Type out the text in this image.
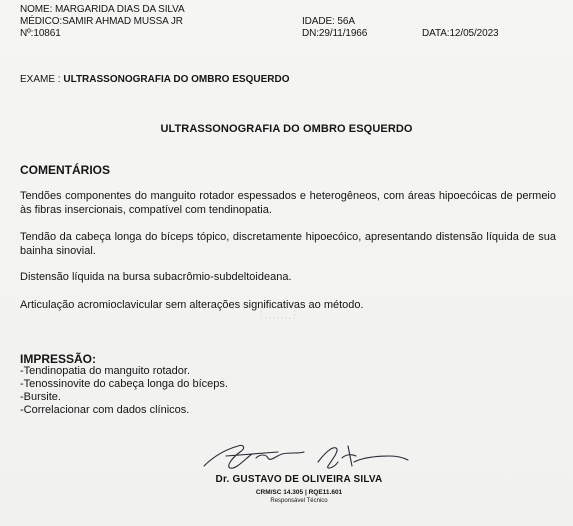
NOME: MARGARIDA DIAS DA SILVA
MÉDICO:SAMIR AHMAD MUSSA JR
Nº:10861
IDADE: 56A
DN:29/11/1966	DATA:12/05/2023
EXAME : ULTRASSONOGRAFIA DO OMBRO ESQUERDO
ULTRASSONOGRAFIA DO OMBRO ESQUERDO
COMENTÁRIOS
Tendões componentes do manguito rotador espessados e heterogêneos, com áreas hipoecóicas de permeio às fibras insercionais, compatível com tendinopatia.
Tendão da cabeça longa do bíceps tópico, discretamente hipoecóico, apresentando distensão líquida de sua bainha sinovial.
Distensão líquida na bursa subacrômio-subdeltoideana.
Articulação acromioclavicular sem alterações significativas ao método.
IMPRESSÃO:
-Tendinopatia do manguito rotador.
-Tenossinovite do cabeça longa do bíceps.
-Bursite.
-Correlacionar com dados clínicos.
Dr. GUSTAVO DE OLIVEIRA SILVA
CRM/SC 14.305 | RQE11.601
Responsável Técnico
